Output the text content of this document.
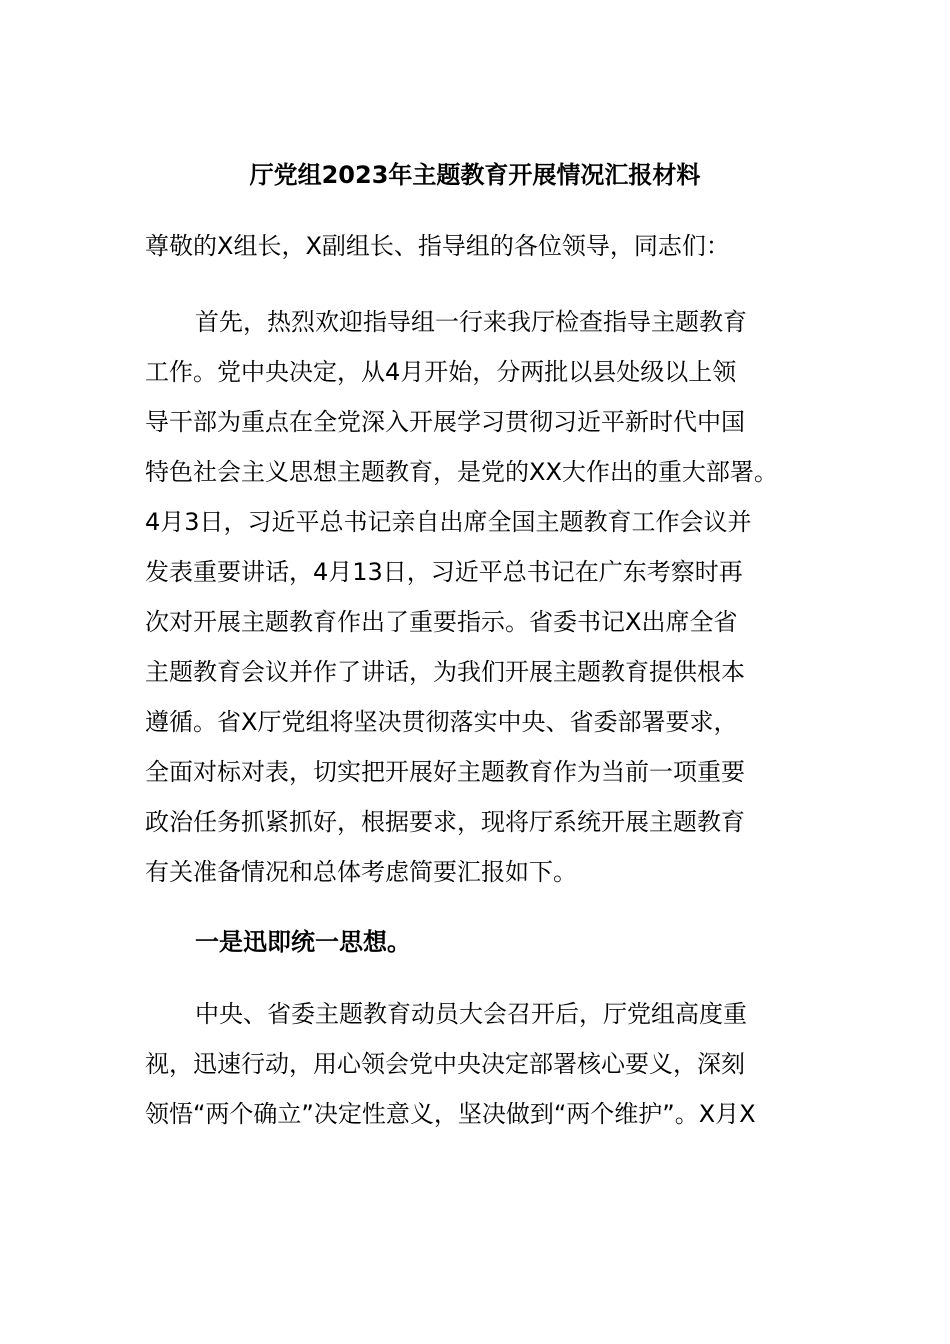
厅党组2023年主题教育开展情况汇报材料
尊敬的X组长，X副组长、指导组的各位领导，同志们：
首先，热烈欢迎指导组一行来我厅检查指导主题教育
工作。党中央决定，从4月开始，分两批以县处级以上领
导干部为重点在全党深入开展学习贯彻习近平新时代中国
特色社会主义思想主题教育，是党的XX大作出的重大部署。
4月3日，习近平总书记亲自出席全国主题教育工作会议并
发表重要讲话，4月13日，习近平总书记在广东考察时再
次对开展主题教育作出了重要指示。省委书记X出席全省
主题教育会议并作了讲话，为我们开展主题教育提供根本
遵循。省X厅党组将坚决贯彻落实中央、省委部署要求，
全面对标对表，切实把开展好主题教育作为当前一项重要
政治任务抓紧抓好，根据要求，现将厅系统开展主题教育
有关准备情况和总体考虑简要汇报如下。
一是迅即统一思想。
中央、省委主题教育动员大会召开后，厅党组高度重
视，迅速行动，用心领会党中央决定部署核心要义，深刻
领悟“两个确立”决定性意义，坚决做到“两个维护”。X月X
